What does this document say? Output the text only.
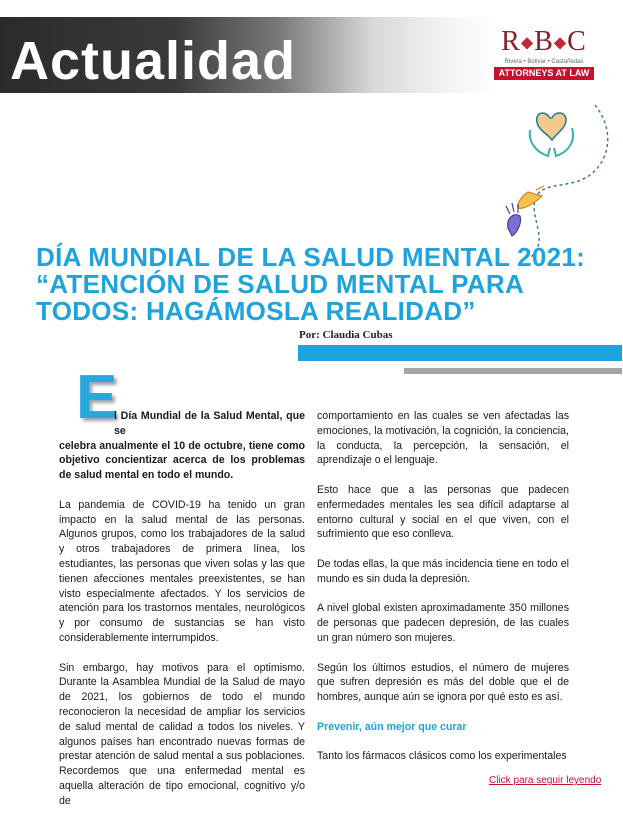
Actualidad	R◆B◆C
Rivera • Bolívar • Castañedas
ATTORNEYS AT LAW
DÍA MUNDIAL DE LA SALUD MENTAL 2021:
“ATENCIÓN DE SALUD MENTAL PARA
TODOS: HAGÁMOSLA REALIDAD”
Por: Claudia Cubas
E

l Día Mundial de la Salud Mental, que se
celebra anualmente el 10 de octubre, tiene como objetivo concientizar acerca de los problemas de salud mental en todo el mundo.

La pandemia de COVID-19 ha tenido un gran impacto en la salud mental de las personas. Algunos grupos, como los trabajadores de la salud y otros trabajadores de primera línea, los estudiantes, las personas que viven solas y las que tienen afecciones mentales preexistentes, se han visto especialmente afectados. Y los servicios de atención para los trastornos mentales, neurológicos y por consumo de sustancias se han visto considerablemente interrumpidos.

Sin embargo, hay motivos para el optimismo. Durante la Asamblea Mundial de la Salud de mayo de 2021, los gobiernos de todo el mundo reconocieron la necesidad de ampliar los servicios de salud mental de calidad a todos los niveles. Y algunos países han encontrado nuevas formas de prestar atención de salud mental a sus poblaciones. Recordemos que una enfermedad mental es aquella alteración de tipo emocional, cognitivo y/o de

comportamiento en las cuales se ven afectadas las emociones, la motivación, la cognición, la conciencia, la conducta, la percepción, la sensación, el aprendizaje o el lenguaje.

Esto hace que a las personas que padecen enfermedades mentales les sea difícil adaptarse al entorno cultural y social en el que viven, con el sufrimiento que eso conlleva.

De todas ellas, la que más incidencia tiene en todo el mundo es sin duda la depresión.

A nivel global existen aproximadamente 350 millones de personas que padecen depresión, de las cuales un gran número son mujeres.

Según los últimos estudios, el número de mujeres que sufren depresión es más del doble que el de hombres, aunque aún se ignora por qué esto es así.

Prevenir, aún mejor que curar

Tanto los fármacos clásicos como los experimentales

Click para seguir leyendo
